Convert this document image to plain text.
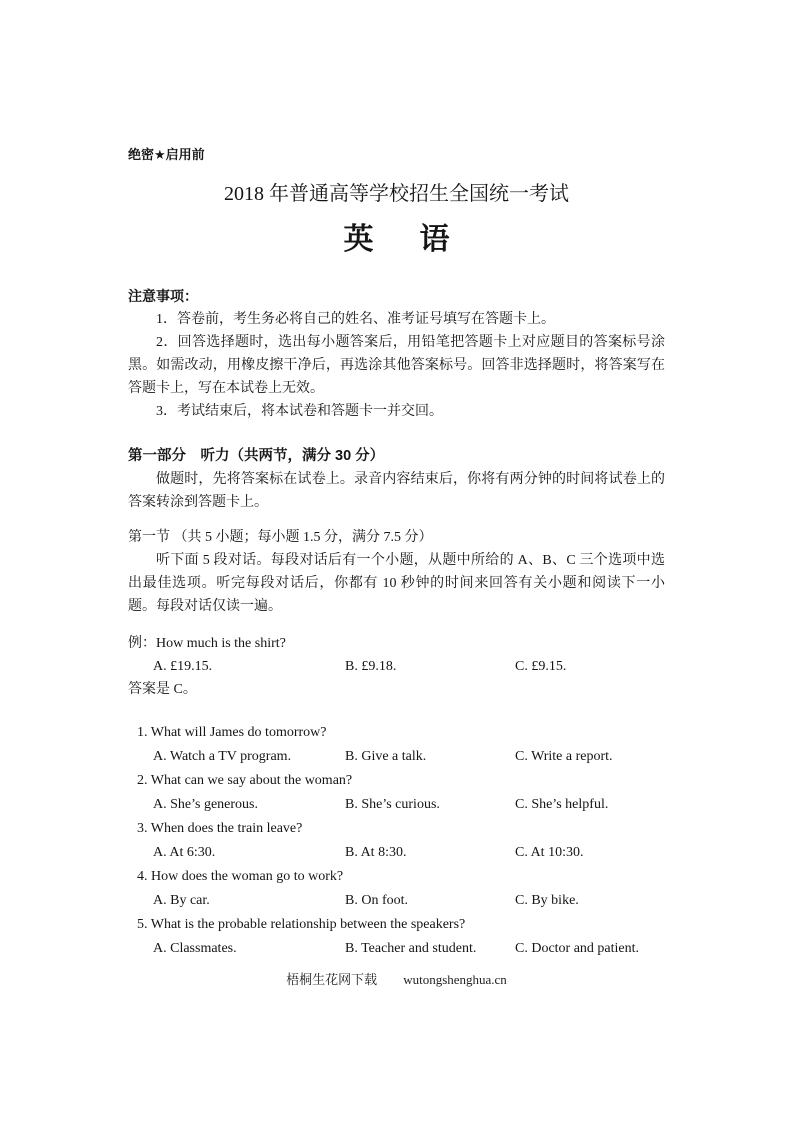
绝密★启用前
2018 年普通高等学校招生全国统一考试
英　语
注意事项：
1．答卷前，考生务必将自己的姓名、准考证号填写在答题卡上。
2．回答选择题时，选出每小题答案后，用铅笔把答题卡上对应题目的答案标号涂黑。如需改动，用橡皮擦干净后，再选涂其他答案标号。回答非选择题时，将答案写在答题卡上，写在本试卷上无效。
3．考试结束后，将本试卷和答题卡一并交回。
第一部分　听力（共两节，满分 30 分）
做题时，先将答案标在试卷上。录音内容结束后，你将有两分钟的时间将试卷上的答案转涂到答题卡上。
第一节 （共 5 小题；每小题 1.5 分，满分 7.5 分）
听下面 5 段对话。每段对话后有一个小题，从题中所给的 A、B、C 三个选项中选出最佳选项。听完每段对话后，你都有 10 秒钟的时间来回答有关小题和阅读下一小题。每段对话仅读一遍。
例：How much is the shirt?
A. £19.15.	B. £9.18.	C. £9.15.
答案是 C。
1. What will James do tomorrow?
A. Watch a TV program.	B. Give a talk.	C. Write a report.
2. What can we say about the woman?
A. She’s generous.	B. She’s curious.	C. She’s helpful.
3. When does the train leave?
A. At 6:30.	B. At 8:30.	C. At 10:30.
4. How does the woman go to work?
A. By car.	B. On foot.	C. By bike.
5. What is the probable relationship between the speakers?
A. Classmates.	B. Teacher and student.	C. Doctor and patient.
梧桐生花网下载 wutongshenghua.cn
